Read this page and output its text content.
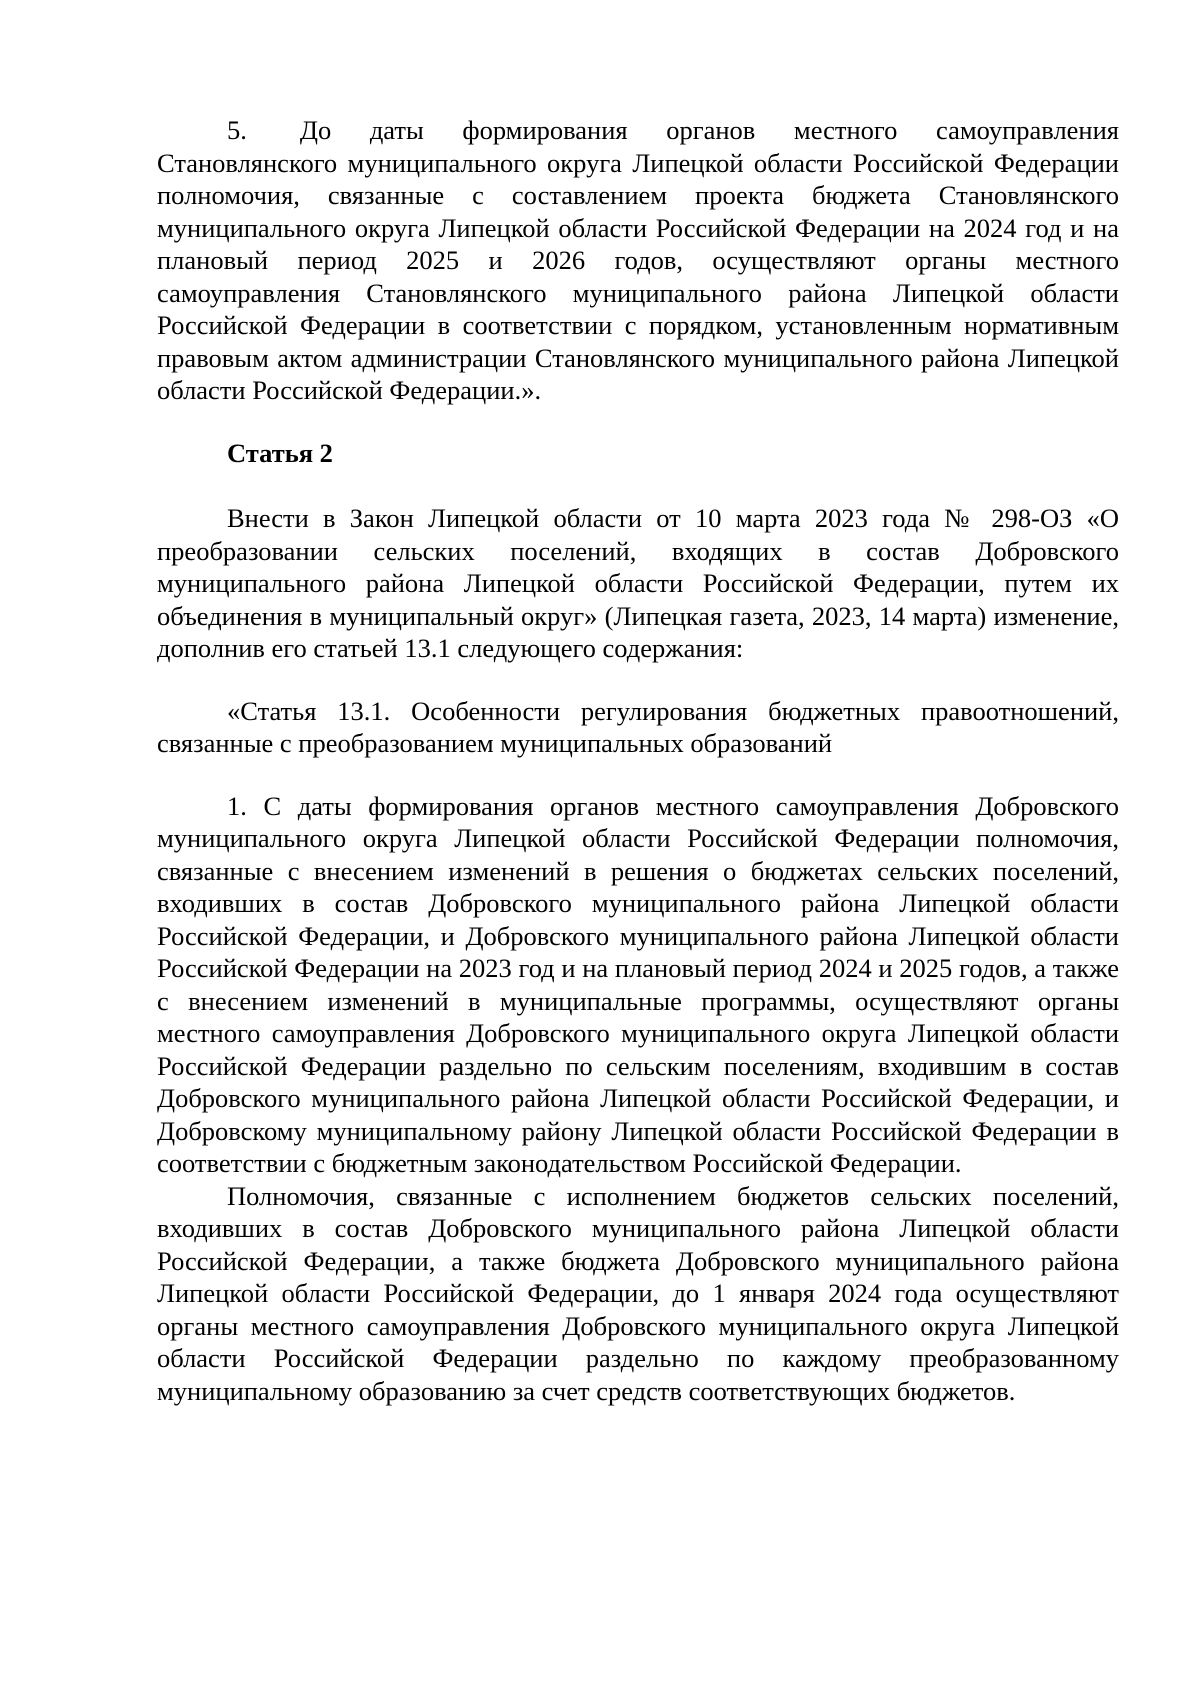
5.  До даты формирования органов местного самоуправления Становлянского муниципального округа Липецкой области Российской Федерации полномочия, связанные с составлением проекта бюджета Становлянского муниципального округа Липецкой области Российской Федерации на 2024 год и на плановый период 2025 и 2026 годов, осуществляют органы местного самоуправления Становлянского муниципального района Липецкой области Российской Федерации в соответствии с порядком, установленным нормативным правовым актом администрации Становлянского муниципального района Липецкой области Российской Федерации.».

Статья 2

Внести в Закон Липецкой области от 10 марта 2023 года № 298-ОЗ «О преобразовании сельских поселений, входящих в состав Добровского муниципального района Липецкой области Российской Федерации, путем их объединения в муниципальный округ» (Липецкая газета, 2023, 14 марта) изменение, дополнив его статьей 13.1 следующего содержания:

«Статья 13.1. Особенности регулирования бюджетных правоотношений, связанные с преобразованием муниципальных образований

1. С даты формирования органов местного самоуправления Добровского муниципального округа Липецкой области Российской Федерации полномочия, связанные с внесением изменений в решения о бюджетах сельских поселений, входивших в состав Добровского муниципального района Липецкой области Российской Федерации, и Добровского муниципального района Липецкой области Российской Федерации на 2023 год и на плановый период 2024 и 2025 годов, а также с внесением изменений в муниципальные программы, осуществляют органы местного самоуправления Добровского муниципального округа Липецкой области Российской Федерации раздельно по сельским поселениям, входившим в состав Добровского муниципального района Липецкой области Российской Федерации, и Добровскому муниципальному району Липецкой области Российской Федерации в соответствии с бюджетным законодательством Российской Федерации.

Полномочия, связанные с исполнением бюджетов сельских поселений, входивших в состав Добровского муниципального района Липецкой области Российской Федерации, а также бюджета Добровского муниципального района Липецкой области Российской Федерации, до 1 января 2024 года осуществляют органы местного самоуправления Добровского муниципального округа Липецкой области Российской Федерации раздельно по каждому преобразованному муниципальному образованию за счет средств соответствующих бюджетов.
